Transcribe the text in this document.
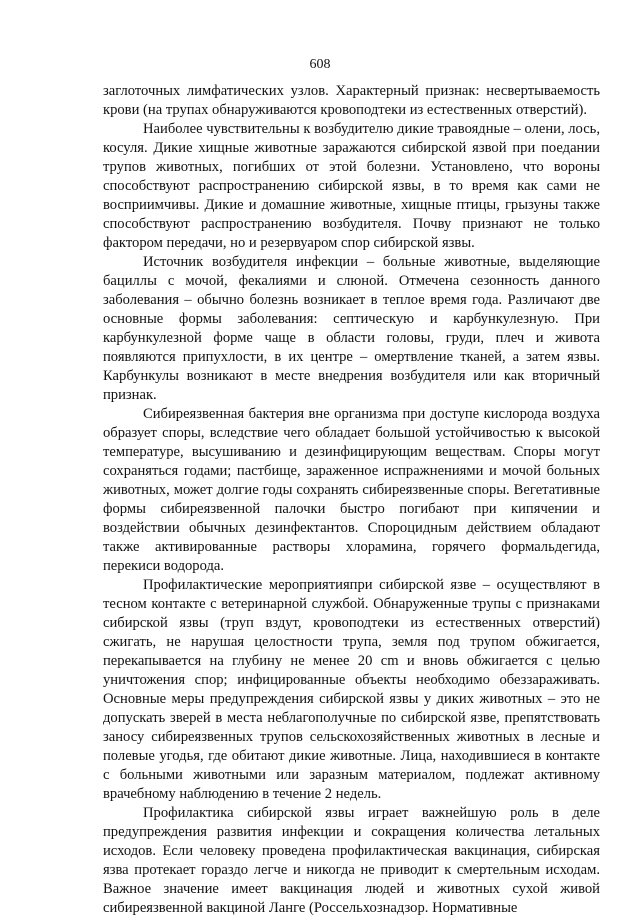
608

заглоточных лимфатических узлов. Характерный признак: несвертываемость крови (на трупах обнаруживаются кровоподтеки из естественных отверстий).

Наиболее чувствительны к возбудителю дикие травоядные – олени, лось, косуля. Дикие хищные животные заражаются сибирской язвой при поедании трупов животных, погибших от этой болезни. Установлено, что вороны способствуют распространению сибирской язвы, в то время как сами не восприимчивы. Дикие и домашние животные, хищные птицы, грызуны также способствуют распространению возбудителя. Почву признают не только фактором передачи, но и резервуаром спор сибирской язвы.

Источник возбудителя инфекции – больные животные, выделяющие бациллы с мочой, фекалиями и слюной. Отмечена сезонность данного заболевания – обычно болезнь возникает в теплое время года. Различают две основные формы заболевания: септическую и карбункулезную. При карбункулезной форме чаще в области головы, груди, плеч и живота появляются припухлости, в их центре – омертвление тканей, а затем язвы. Карбункулы возникают в месте внедрения возбудителя или как вторичный признак.

Сибиреязвенная бактерия вне организма при доступе кислорода воздуха образует споры, вследствие чего обладает большой устойчивостью к высокой температуре, высушиванию и дезинфицирующим веществам. Споры могут сохраняться годами; пастбище, зараженное испражнениями и мочой больных животных, может долгие годы сохранять сибиреязвенные споры. Вегетативные формы сибиреязвенной палочки быстро погибают при кипячении и воздействии обычных дезинфектантов. Спороцидным действием обладают также активированные растворы хлорамина, горячего формальдегида, перекиси водорода.

Профилактические мероприятияпри сибирской язве – осуществляют в тесном контакте с ветеринарной службой. Обнаруженные трупы с признаками сибирской язвы (труп вздут, кровоподтеки из естественных отверстий) сжигать, не нарушая целостности трупа, земля под трупом обжигается, перекапывается на глубину не менее 20 cm и вновь обжигается с целью уничтожения спор; инфицированные объекты необходимо обеззараживать. Основные меры предупреждения сибирской язвы у диких животных – это не допускать зверей в места неблагополучные по сибирской язве, препятствовать заносу сибиреязвенных трупов сельскохозяйственных животных в лесные и полевые угодья, где обитают дикие животные. Лица, находившиеся в контакте с больными животными или заразным материалом, подлежат активному врачебному наблюдению в течение 2 недель.

Профилактика сибирской язвы играет важнейшую роль в деле предупреждения развития инфекции и сокращения количества летальных исходов. Если человеку проведена профилактическая вакцинация, сибирская язва протекает гораздо легче и никогда не приводит к смертельным исходам. Важное значение имеет вакцинация людей и животных сухой живой сибиреязвенной вакциной Ланге (Россельхознадзор. Нормативные
